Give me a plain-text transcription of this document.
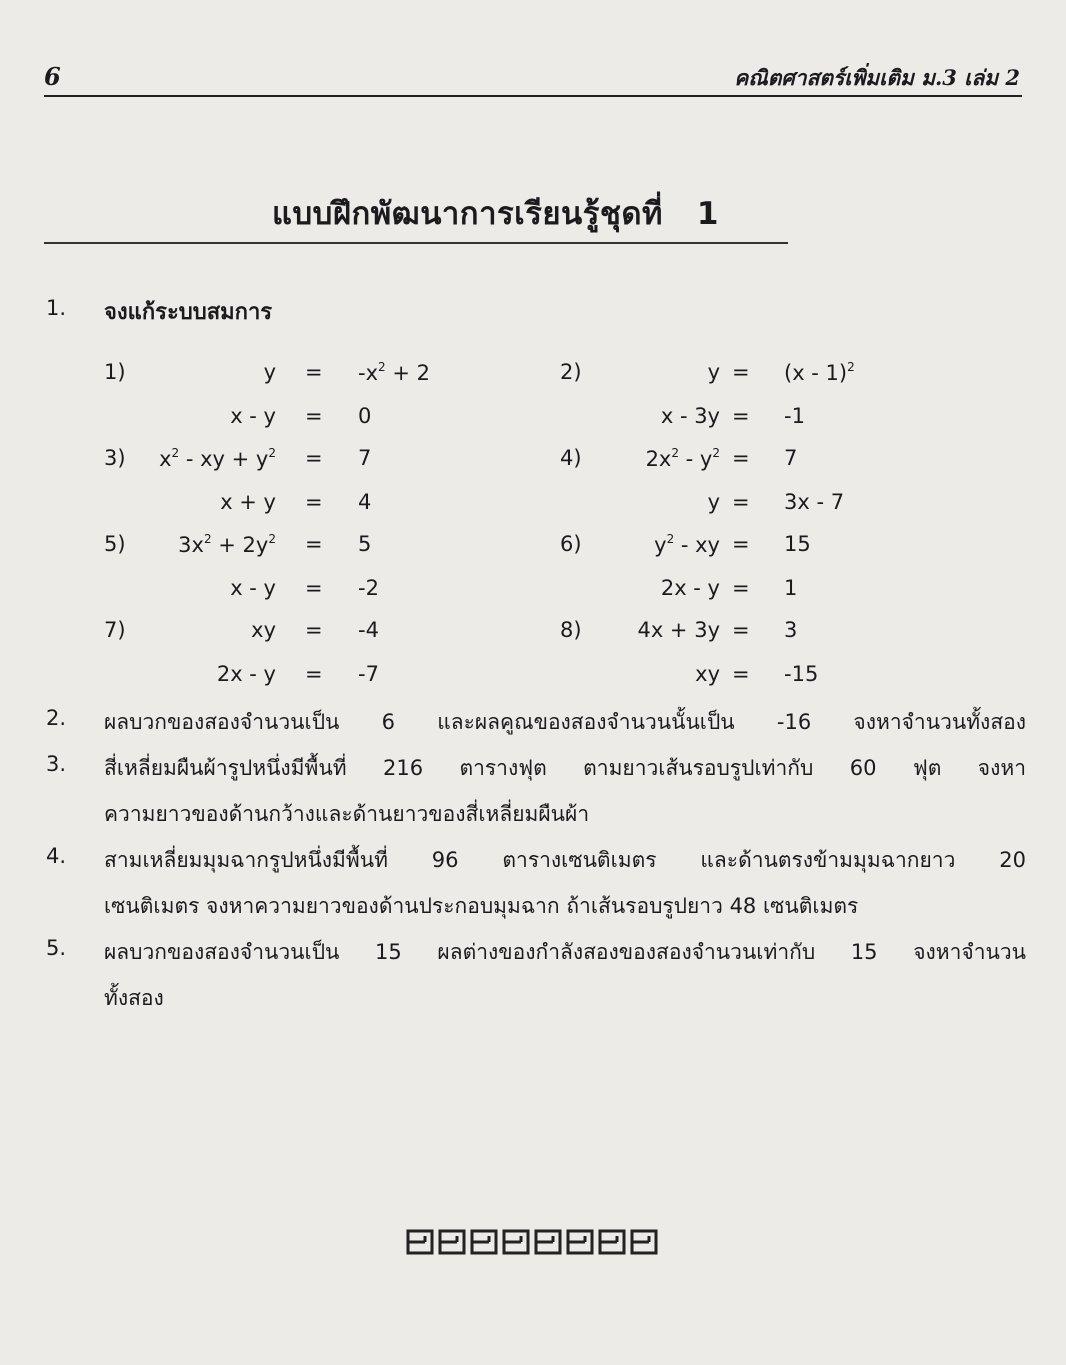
6	คณิตศาสตร์เพิ่มเติม ม.3 เล่ม 2
แบบฝึกพัฒนาการเรียนรู้ชุดที่   1
1. จงแก้ระบบสมการ
1)	$y = -x^2 + 2$
x - y = 0
2)	y = (x - 1)$^2$
x - 3y = -1
3) $x^2$ - xy + $y^2 = 7$
x + y = 4
4)	$2x^2 - y^2 = 7$
y = 3x - 7
5)	$3x^2 + 2y^2 = 5$
x - y = -2
6)	$y^2$ - xy = 15
2x - y = 1
7)	xy = -4
2x - y = -7
8)	4x + 3y = 3
xy = -15
2. ผลบวกของสองจำนวนเป็น 6 และผลคูณของสองจำนวนนั้นเป็น -16 จงหาจำนวนทั้งสอง
3. สี่เหลี่ยมผืนผ้ารูปหนึ่งมีพื้นที่ 216 ตารางฟุต ตามยาวเส้นรอบรูปเท่ากับ 60 ฟุต จงหา
ความยาวของด้านกว้างและด้านยาวของสี่เหลี่ยมผืนผ้า
4. สามเหลี่ยมมุมฉากรูปหนึ่งมีพื้นที่ 96 ตารางเซนติเมตร และด้านตรงข้ามมุมฉากยาว 20
เซนติเมตร จงหาความยาวของด้านประกอบมุมฉาก ถ้าเส้นรอบรูปยาว 48 เซนติเมตร
5. ผลบวกของสองจำนวนเป็น 15 ผลต่างของกำลังสองของสองจำนวนเท่ากับ 15 จงหาจำนวน
ทั้งสอง
